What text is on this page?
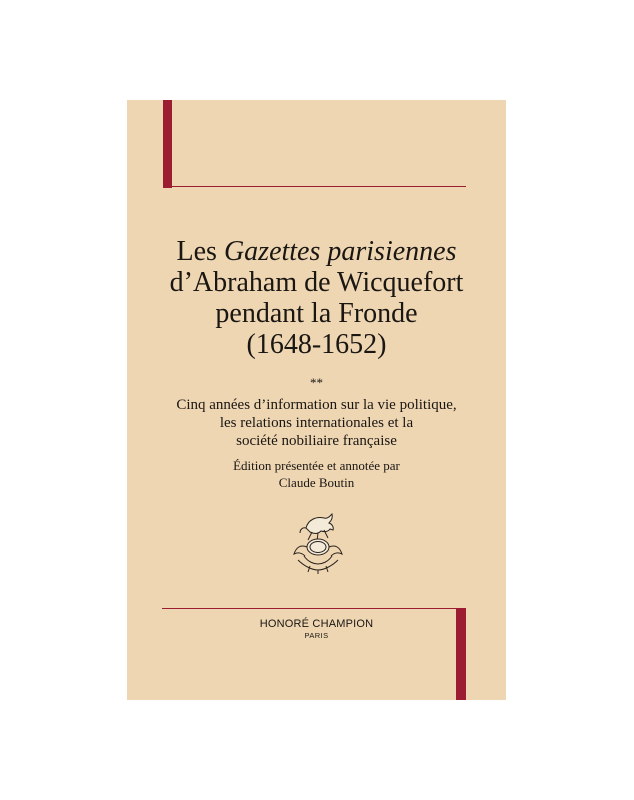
Les Gazettes parisiennes
d’Abraham de Wicquefort
pendant la Fronde
(1648-1652)
**
Cinq années d’information sur la vie politique,
les relations internationales et la
société nobiliaire française
Édition présentée et annotée par
Claude Boutin
HONORÉ CHAMPION
PARIS
